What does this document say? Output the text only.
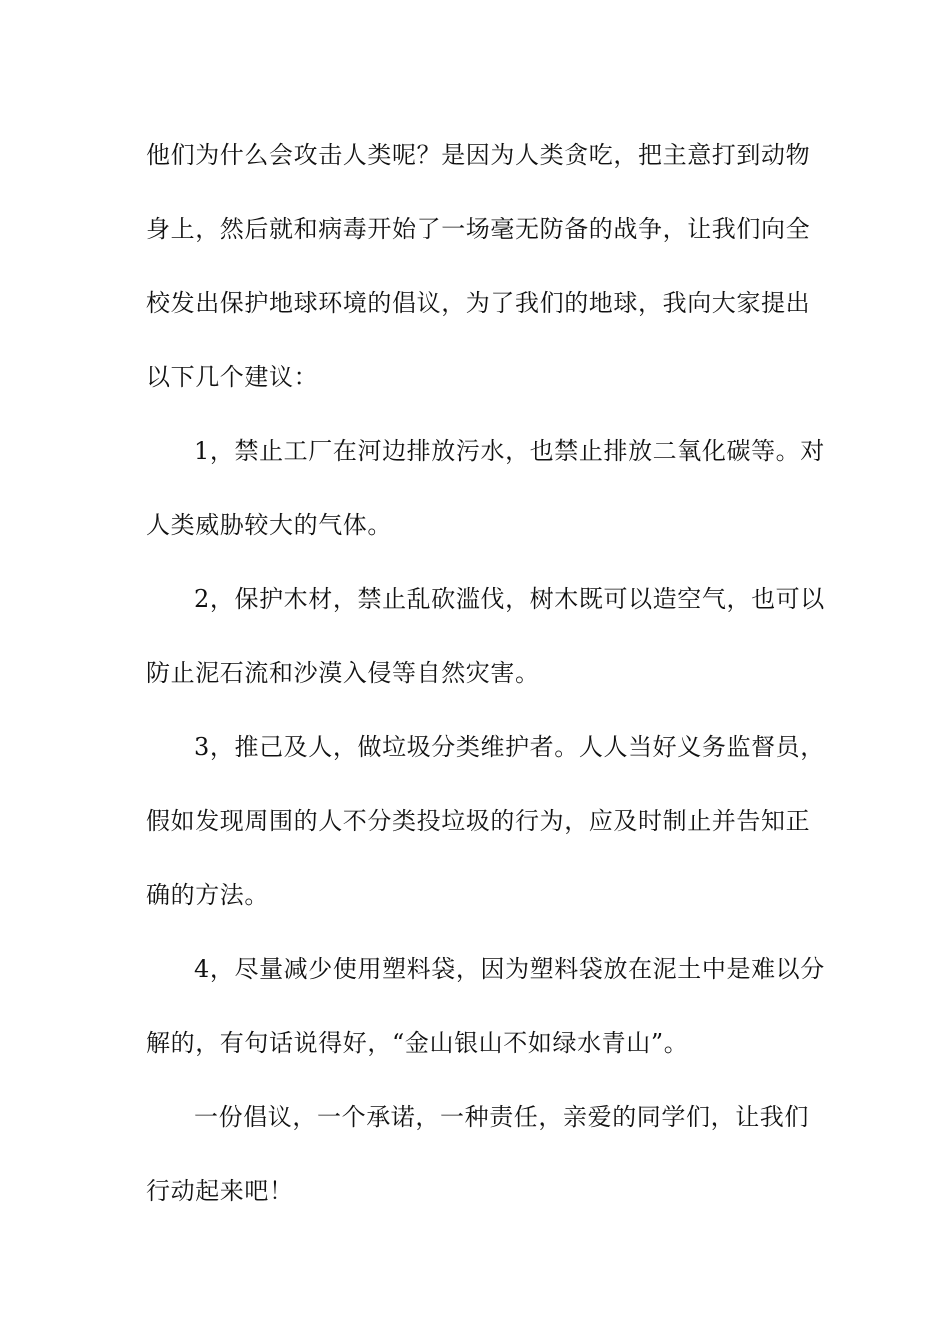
他们为什么会攻击人类呢？是因为人类贪吃，把主意打到动物
身上，然后就和病毒开始了一场毫无防备的战争，让我们向全
校发出保护地球环境的倡议，为了我们的地球，我向大家提出
以下几个建议：
1，禁止工厂在河边排放污水，也禁止排放二氧化碳等。对
人类威胁较大的气体。
2，保护木材，禁止乱砍滥伐，树木既可以造空气，也可以
防止泥石流和沙漠入侵等自然灾害。
3，推己及人，做垃圾分类维护者。人人当好义务监督员，
假如发现周围的人不分类投垃圾的行为，应及时制止并告知正
确的方法。
4，尽量减少使用塑料袋，因为塑料袋放在泥土中是难以分
解的，有句话说得好，“金山银山不如绿水青山”。
一份倡议，一个承诺，一种责任，亲爱的同学们，让我们
行动起来吧！
